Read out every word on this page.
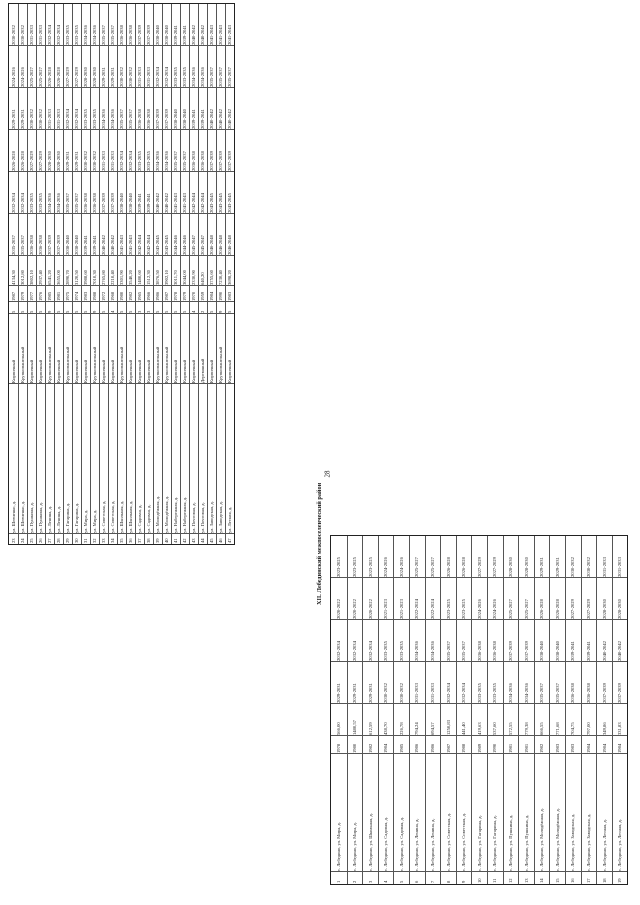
23
ул. Шевченко, д.
Кирпичный
5
1987
4134,30
2035-2037
2032-2034
2026-2028
2029-2031
2024-2026
2030-2032
24
ул. Шевченко, д.
Крупнопанельный
5
1979
3012,80
2035-2037
2032-2034
2026-2028
2029-2031
2024-2026
2030-2032
25
ул. Пушкина, д.
Кирпичный
5
1977
3802,10
2036-2038
2033-2035
2027-2029
2030-2032
2025-2027
2031-2033
26
ул. Пушкина, д.
Кирпичный
5
1976
2937,40
2036-2038
2033-2035
2027-2029
2030-2032
2025-2027
2031-2033
27
ул. Ленина, д.
Крупнопанельный
9
1985
6541,20
2037-2039
2034-2036
2028-2030
2031-2033
2026-2028
2032-2034
28
ул. Ленина, д.
Кирпичный
5
1981
3655,00
2037-2039
2034-2036
2028-2030
2031-2033
2026-2028
2032-2034
29
ул. Гагарина, д.
Крупнопанельный
5
1975
2890,70
2038-2040
2035-2037
2029-2031
2032-2034
2027-2029
2033-2035
30
ул. Гагарина, д.
Кирпичный
5
1974
3120,50
2038-2040
2035-2037
2029-2031
2032-2034
2027-2029
2033-2035
31
ул. Мира, д.
Кирпичный
5
1983
3988,60
2039-2041
2036-2038
2030-2032
2033-2035
2028-2030
2034-2036
32
ул. Мира, д.
Крупнопанельный
9
1988
7010,30
2039-2041
2036-2038
2030-2032
2033-2035
2028-2030
2034-2036
33
ул. Советская, д.
Кирпичный
5
1972
2765,80
2040-2042
2037-2039
2031-2033
2034-2036
2029-2031
2035-2037
34
ул. Советская, д.
Кирпичный
4
1968
2210,40
2040-2042
2037-2039
2031-2033
2034-2036
2029-2031
2035-2037
35
ул. Школьная, д.
Крупнопанельный
5
1980
3301,90
2041-2043
2038-2040
2032-2034
2035-2037
2030-2032
2036-2038
36
ул. Школьная, д.
Кирпичный
5
1982
3540,20
2041-2043
2038-2040
2032-2034
2035-2037
2030-2032
2036-2038
37
ул. Садовая, д.
Кирпичный
3
1965
1480,60
2042-2044
2039-2041
2033-2035
2036-2038
2031-2033
2037-2039
38
ул. Садовая, д.
Кирпичный
3
1966
1512,30
2042-2044
2039-2041
2033-2035
2036-2038
2031-2033
2037-2039
39
ул. Молодёжная, д.
Крупнопанельный
5
1986
3876,50
2043-2045
2040-2042
2034-2036
2037-2039
2032-2034
2038-2040
40
ул. Молодёжная, д.
Крупнопанельный
5
1987
3902,10
2043-2045
2040-2042
2034-2036
2037-2039
2032-2034
2038-2040
41
ул. Набережная, д.
Кирпичный
5
1978
3011,70
2044-2046
2041-2043
2035-2037
2038-2040
2033-2035
2039-2041
42
ул. Набережная, д.
Кирпичный
5
1979
3044,00
2044-2046
2041-2043
2035-2037
2038-2040
2033-2035
2039-2041
43
ул. Почтовая, д.
Кирпичный
4
1970
2330,90
2045-2047
2042-2044
2036-2038
2039-2041
2034-2036
2040-2042
44
ул. Почтовая, д.
Деревянный
2
1959
640,20
2045-2047
2042-2044
2036-2038
2039-2041
2034-2036
2040-2042
45
ул. Заводская, д.
Кирпичный
5
1984
3755,60
2046-2048
2043-2045
2037-2039
2040-2042
2035-2037
2041-2043
46
ул. Заводская, д.
Крупнопанельный
9
1990
7230,40
2046-2048
2043-2045
2037-2039
2040-2042
2035-2037
2041-2043
47
ул. Лесная, д.
Кирпичный
5
1983
3698,20
2046-2048
2043-2045
2037-2039
2040-2042
2035-2037
2041-2043
XII. Лебединский межпоселенческий район
1
с. Лебедино, ул. Мира, д.
1978
566,00
2029-2031
2032-2034
2020-2022
2023-2025
2
с. Лебедино, ул. Мира, д.
1980
1480,57
2029-2031
2032-2034
2020-2022
2023-2025
3
с. Лебедино, ул. Школьная, д.
1982
612,59
2029-2031
2032-2034
2020-2022
2023-2025
4
с. Лебедино, ул. Садовая, д.
1984
438,70
2030-2032
2033-2035
2021-2023
2024-2026
5
с. Лебедино, ул. Садовая, д.
1985
226,78
2030-2032
2033-2035
2021-2023
2024-2026
6
с. Лебедино, ул. Ленина, д.
1986
794,24
2031-2033
2034-2036
2022-2024
2025-2027
7
с. Лебедино, ул. Ленина, д.
1986
694,57
2031-2033
2034-2036
2022-2024
2025-2027
8
с. Лебедино, ул. Советская, д.
1987
1250,83
2032-2034
2035-2037
2023-2025
2026-2028
9
с. Лебедино, ул. Советская, д.
1988
441,40
2032-2034
2035-2037
2023-2025
2026-2028
10
с. Лебедино, ул. Гагарина, д.
1989
419,63
2033-2035
2036-2038
2024-2026
2027-2029
11
с. Лебедино, ул. Гагарина, д.
1990
537,60
2033-2035
2036-2038
2024-2026
2027-2029
12
с. Лебедино, ул. Пушкина, д.
1981
572,55
2034-2036
2037-2039
2025-2027
2028-2030
13
с. Лебедино, ул. Пушкина, д.
1981
779,38
2034-2036
2037-2039
2025-2027
2028-2030
14
с. Лебедино, ул. Молодёжная, д.
1982
666,55
2035-2037
2038-2040
2026-2028
2029-2031
15
с. Лебедино, ул. Молодёжная, д.
1983
771,68
2035-2037
2038-2040
2026-2028
2029-2031
16
с. Лебедино, ул. Заводская, д.
1983
704,75
2036-2038
2039-2041
2027-2029
2030-2032
17
с. Лебедино, ул. Заводская, д.
1984
797,00
2036-2038
2039-2041
2027-2029
2030-2032
18
с. Лебедино, ул. Лесная, д.
1984
349,86
2037-2039
2040-2042
2028-2030
2031-2033
19
с. Лебедино, ул. Лесная, д.
1984
331,83
2037-2039
2040-2042
2028-2030
2031-2033
28
